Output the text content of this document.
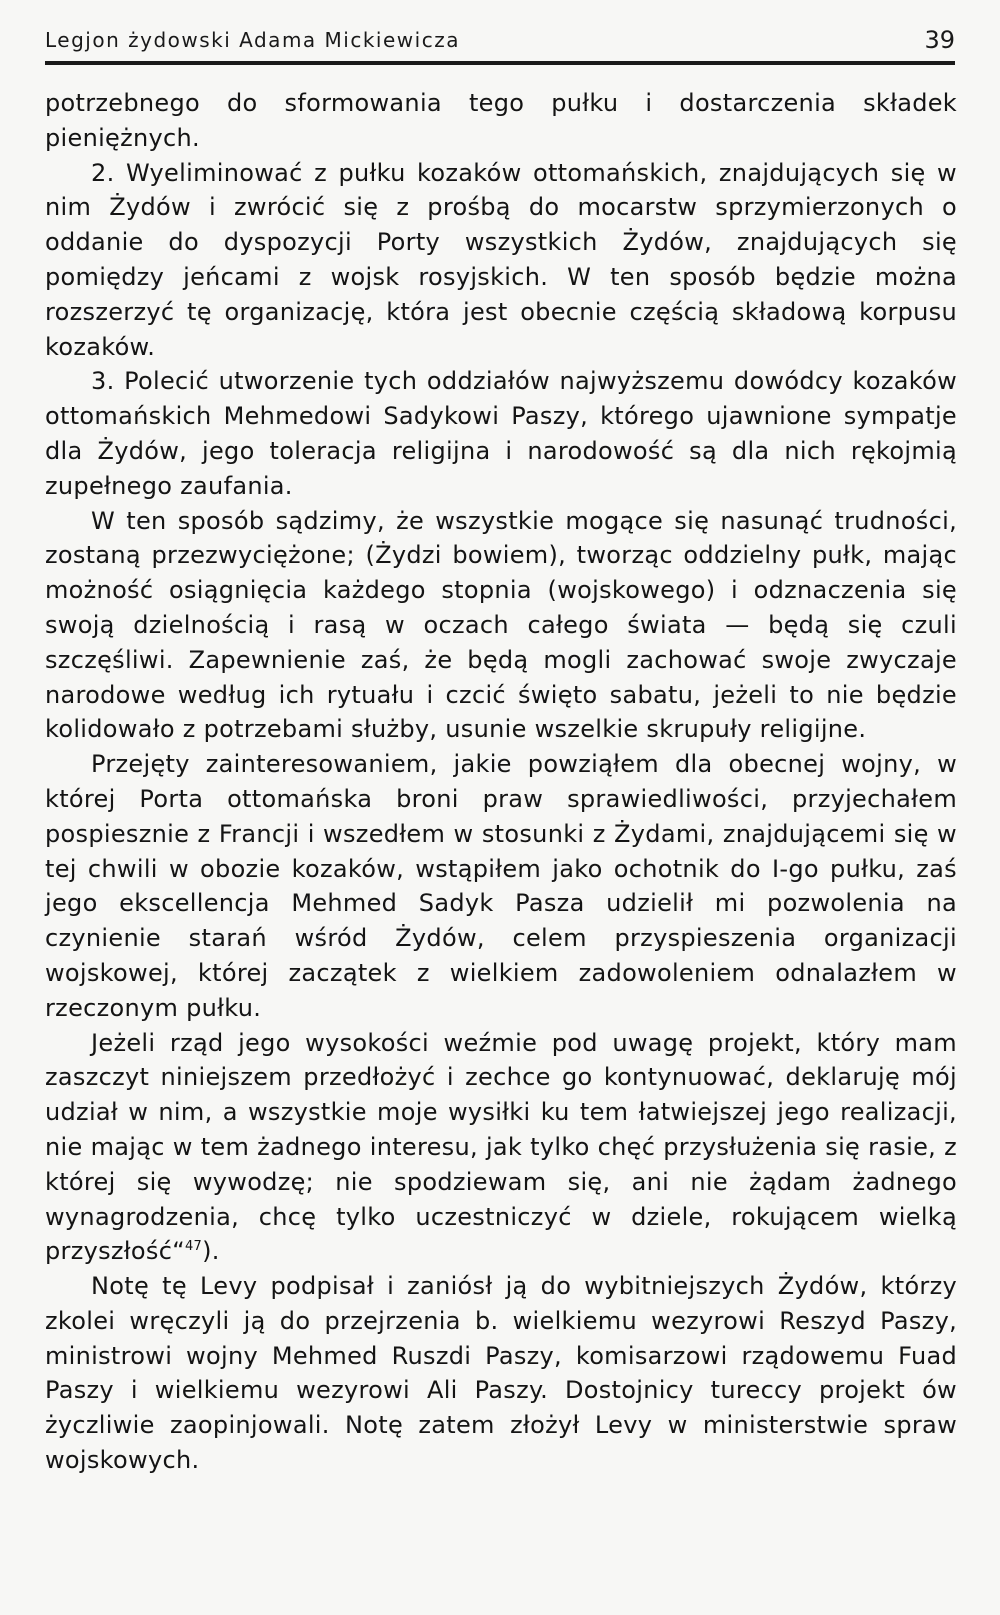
Legjon żydowski Adama Mickiewicza	39

potrzebnego do sformowania tego pułku i dostarczenia składek pieniężnych.

2. Wyeliminować z pułku kozaków ottomańskich, znajdujących się w nim Żydów i zwrócić się z prośbą do mocarstw sprzymierzonych o oddanie do dyspozycji Porty wszystkich Żydów, znajdujących się pomiędzy jeńcami z wojsk rosyjskich. W ten sposób będzie można rozszerzyć tę organizację, która jest obecnie częścią składową korpusu kozaków.

3. Polecić utworzenie tych oddziałów najwyższemu dowódcy kozaków ottomańskich Mehmedowi Sadykowi Paszy, którego ujawnione sympatje dla Żydów, jego toleracja religijna i narodowość są dla nich rękojmią zupełnego zaufania.

W ten sposób sądzimy, że wszystkie mogące się nasunąć trudności, zostaną przezwyciężone; (Żydzi bowiem), tworząc oddzielny pułk, mając możność osiągnięcia każdego stopnia (wojskowego) i odznaczenia się swoją dzielnością i rasą w oczach całego świata — będą się czuli szczęśliwi. Zapewnienie zaś, że będą mogli zachować swoje zwyczaje narodowe według ich rytuału i czcić święto sabatu, jeżeli to nie będzie kolidowało z potrzebami służby, usunie wszelkie skrupuły religijne.

Przejęty zainteresowaniem, jakie powziąłem dla obecnej wojny, w której Porta ottomańska broni praw sprawiedliwości, przyjechałem pospiesznie z Francji i wszedłem w stosunki z Żydami, znajdującemi się w tej chwili w obozie kozaków, wstąpiłem jako ochotnik do I-go pułku, zaś jego ekscellencja Mehmed Sadyk Pasza udzielił mi pozwolenia na czynienie starań wśród Żydów, celem przyspieszenia organizacji wojskowej, której zaczątek z wielkiem zadowoleniem odnalazłem w rzeczonym pułku.

Jeżeli rząd jego wysokości weźmie pod uwagę projekt, który mam zaszczyt niniejszem przedłożyć i zechce go kontynuować, deklaruję mój udział w nim, a wszystkie moje wysiłki ku tem łatwiejszej jego realizacji, nie mając w tem żadnego interesu, jak tylko chęć przysłużenia się rasie, z której się wywodzę; nie spodziewam się, ani nie żądam żadnego wynagrodzenia, chcę tylko uczestniczyć w dziele, rokującem wielką przyszłość“$^{47}$).

Notę tę Levy podpisał i zaniósł ją do wybitniejszych Żydów, którzy zkolei wręczyli ją do przejrzenia b. wielkiemu wezyrowi Reszyd Paszy, ministrowi wojny Mehmed Ruszdi Paszy, komisarzowi rządowemu Fuad Paszy i wielkiemu wezyrowi Ali Paszy. Dostojnicy tureccy projekt ów życzliwie zaopinjowali. Notę zatem złożył Levy w ministerstwie spraw wojskowych.
